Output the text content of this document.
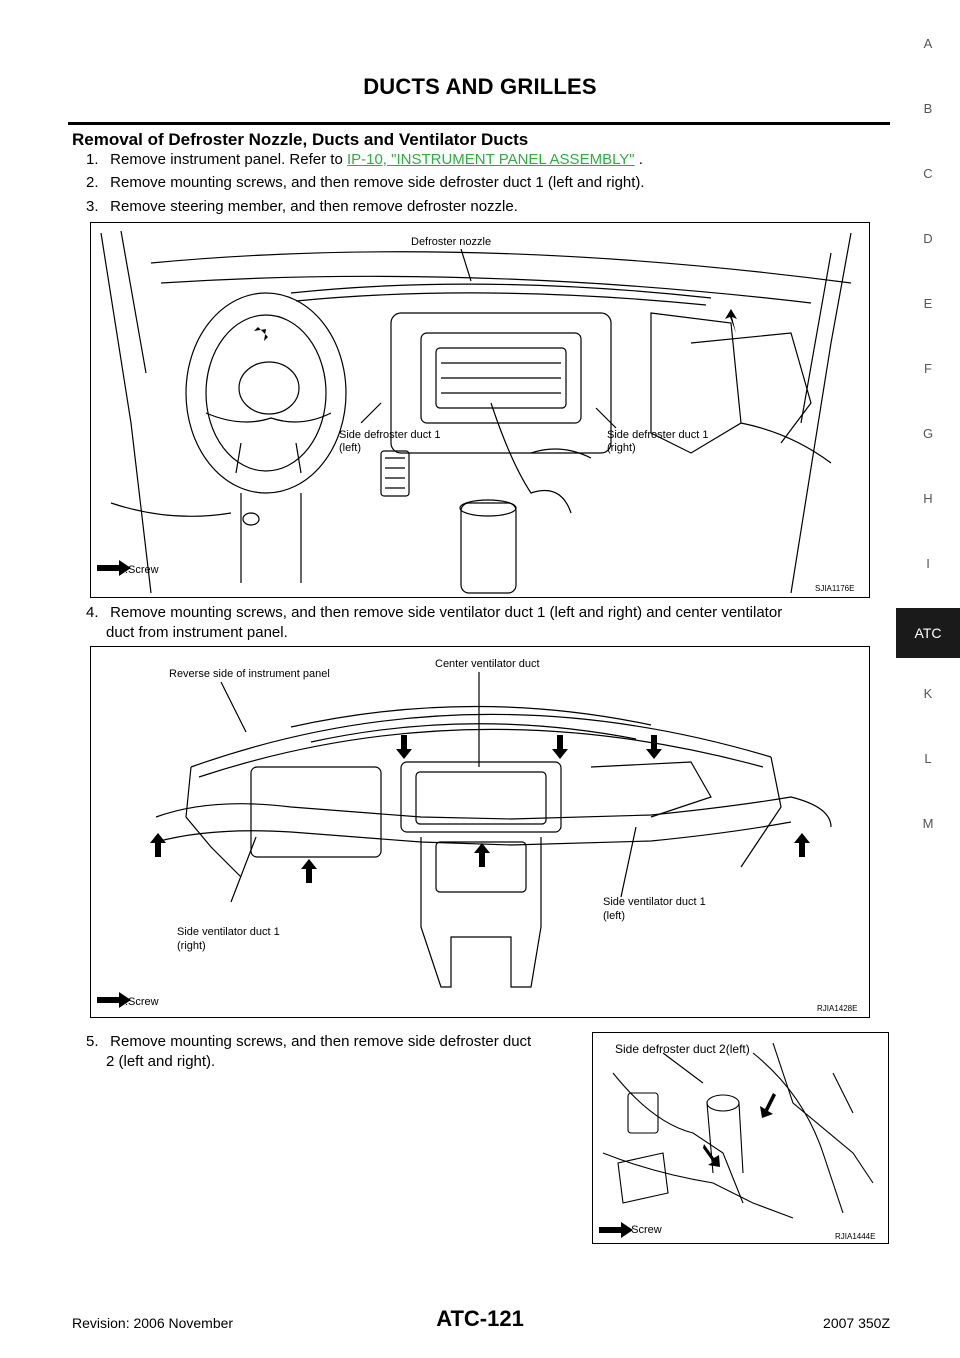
DUCTS AND GRILLES
Removal of Defroster Nozzle, Ducts and Ventilator Ducts
1. Remove instrument panel. Refer to IP-10, "INSTRUMENT PANEL ASSEMBLY" .
2. Remove mounting screws, and then remove side defroster duct 1 (left and right).
3. Remove steering member, and then remove defroster nozzle.
Defroster nozzle
Side defroster duct 1
(left)
Side defroster duct 1
(right)
:Screw
SJIA1176E
4. Remove mounting screws, and then remove side ventilator duct 1 (left and right) and center ventilator
duct from instrument panel.
Reverse side of instrument panel
Center ventilator duct
Side ventilator duct 1
(right)
Side ventilator duct 1
(left)
:Screw
RJIA1428E
5. Remove mounting screws, and then remove side defroster duct
2 (left and right).
Side defroster duct 2(left)
: Screw
RJIA1444E
A
B
C
D
E
F
G
H
I
ATC
K
L
M
Revision: 2006 November	ATC-121	2007 350Z
